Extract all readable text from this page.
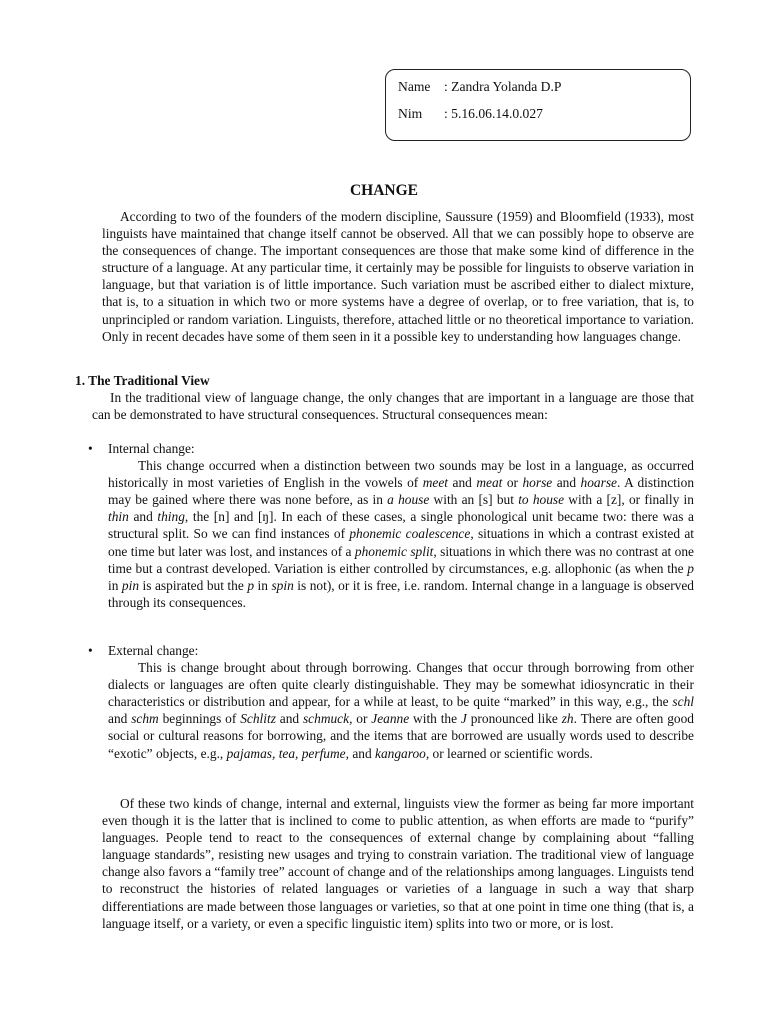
Name : Zandra Yolanda D.P
Nim : 5.16.06.14.0.027
CHANGE

According to two of the founders of the modern discipline, Saussure (1959) and Bloomfield (1933), most linguists have maintained that change itself cannot be observed. All that we can possibly hope to observe are the consequences of change. The important consequences are those that make some kind of difference in the structure of a language. At any particular time, it certainly may be possible for linguists to observe variation in language, but that variation is of little importance. Such variation must be ascribed either to dialect mixture, that is, to a situation in which two or more systems have a degree of overlap, or to free variation, that is, to unprincipled or random variation. Linguists, therefore, attached little or no theoretical importance to variation. Only in recent decades have some of them seen in it a possible key to understanding how languages change.

1. The Traditional View

In the traditional view of language change, the only changes that are important in a language are those that can be demonstrated to have structural consequences. Structural consequences mean:

• Internal change:

This change occurred when a distinction between two sounds may be lost in a language, as occurred historically in most varieties of English in the vowels of meet and meat or horse and hoarse. A distinction may be gained where there was none before, as in a house with an [s] but to house with a [z], or finally in thin and thing, the [n] and [ŋ]. In each of these cases, a single phonological unit became two: there was a structural split. So we can find instances of phonemic coalescence, situations in which a contrast existed at one time but later was lost, and instances of a phonemic split, situations in which there was no contrast at one time but a contrast developed. Variation is either controlled by circumstances, e.g. allophonic (as when the p in pin is aspirated but the p in spin is not), or it is free, i.e. random. Internal change in a language is observed through its consequences.

• External change:

This is change brought about through borrowing. Changes that occur through borrowing from other dialects or languages are often quite clearly distinguishable. They may be somewhat idiosyncratic in their characteristics or distribution and appear, for a while at least, to be quite “marked” in this way, e.g., the schl and schm beginnings of Schlitz and schmuck, or Jeanne with the J pronounced like zh. There are often good social or cultural reasons for borrowing, and the items that are borrowed are usually words used to describe “exotic” objects, e.g., pajamas, tea, perfume, and kangaroo, or learned or scientific words.

Of these two kinds of change, internal and external, linguists view the former as being far more important even though it is the latter that is inclined to come to public attention, as when efforts are made to “purify” languages. People tend to react to the consequences of external change by complaining about “falling language standards”, resisting new usages and trying to constrain variation. The traditional view of language change also favors a “family tree” account of change and of the relationships among languages. Linguists tend to reconstruct the histories of related languages or varieties of a language in such a way that sharp differentiations are made between those languages or varieties, so that at one point in time one thing (that is, a language itself, or a variety, or even a specific linguistic item) splits into two or more, or is lost.
